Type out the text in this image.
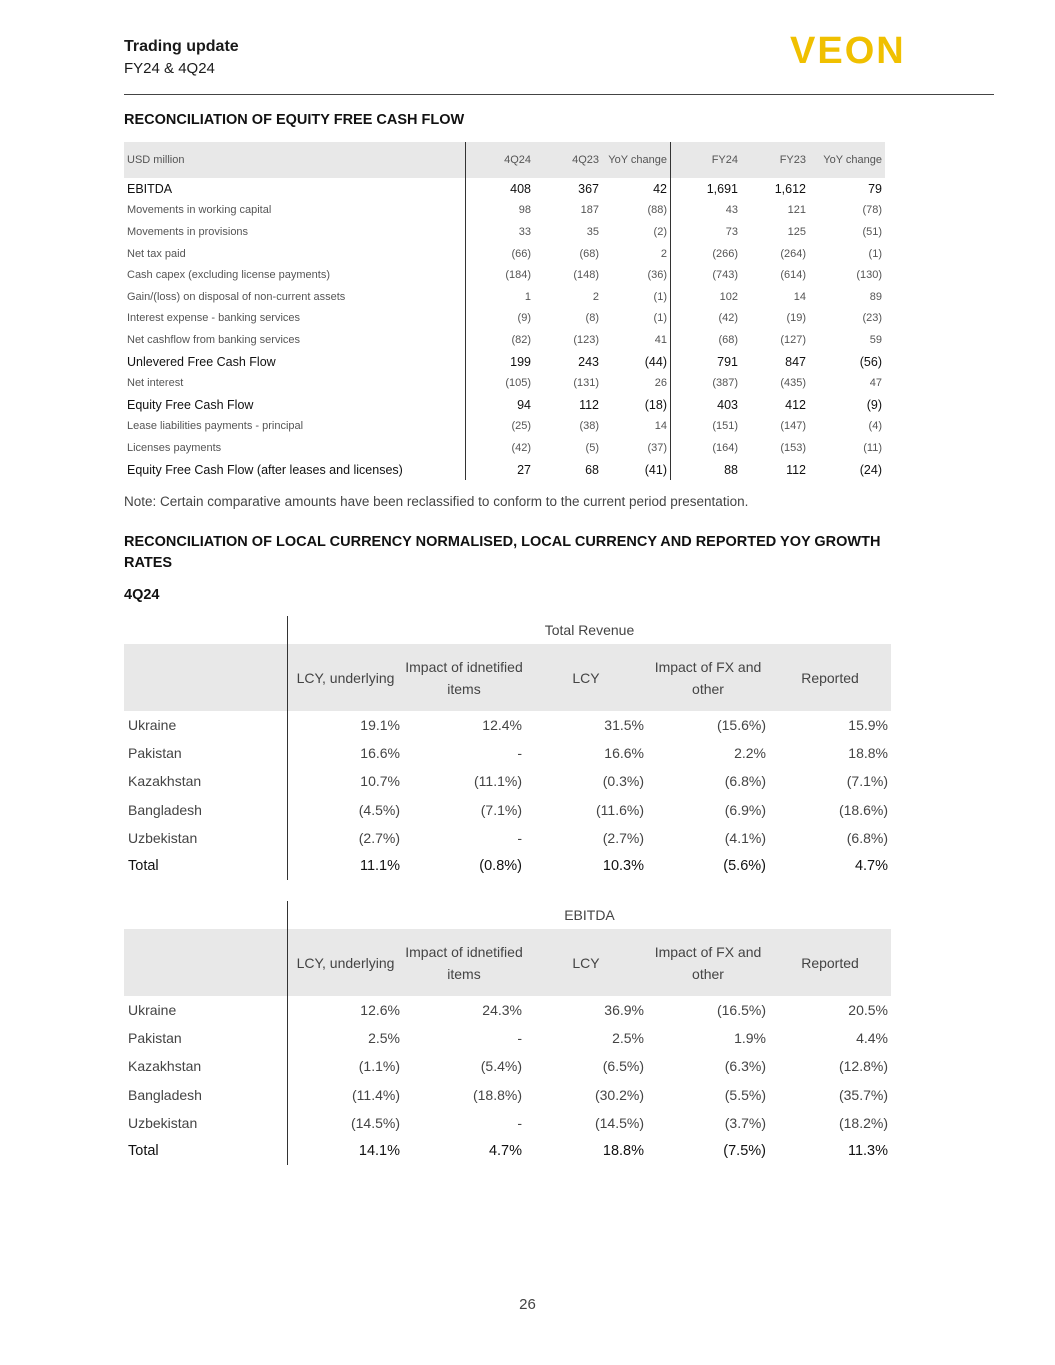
Trading update
FY24 & 4Q24	VEON
RECONCILIATION OF EQUITY FREE CASH FLOW
USD million	4Q24	4Q23	YoY change	FY24	FY23	YoY change
EBITDA	408	367	42	1,691	1,612	79
Movements in working capital	98	187	(88)	43	121	(78)
Movements in provisions	33	35	(2)	73	125	(51)
Net tax paid	(66)	(68)	2	(266)	(264)	(1)
Cash capex (excluding license payments)	(184)	(148)	(36)	(743)	(614)	(130)
Gain/(loss) on disposal of non-current assets	1	2	(1)	102	14	89
Interest expense - banking services	(9)	(8)	(1)	(42)	(19)	(23)
Net cashflow from banking services	(82)	(123)	41	(68)	(127)	59
Unlevered Free Cash Flow	199	243	(44)	791	847	(56)
Net interest	(105)	(131)	26	(387)	(435)	47
Equity Free Cash Flow	94	112	(18)	403	412	(9)
Lease liabilities payments - principal	(25)	(38)	14	(151)	(147)	(4)
Licenses payments	(42)	(5)	(37)	(164)	(153)	(11)
Equity Free Cash Flow (after leases and licenses)	27	68	(41)	88	112	(24)
Note: Certain comparative amounts have been reclassified to conform to the current period presentation.
RECONCILIATION OF LOCAL CURRENCY NORMALISED, LOCAL CURRENCY AND REPORTED YOY GROWTH
RATES
4Q24
	Total Revenue				
	LCY, underlying	Impact of idnetified items	LCY	Impact of FX and other	Reported
Ukraine	19.1%	12.4%	31.5%	(15.6%)	15.9%
Pakistan	16.6%	-	16.6%	2.2%	18.8%
Kazakhstan	10.7%	(11.1%)	(0.3%)	(6.8%)	(7.1%)
Bangladesh	(4.5%)	(7.1%)	(11.6%)	(6.9%)	(18.6%)
Uzbekistan	(2.7%)	-	(2.7%)	(4.1%)	(6.8%)
Total	11.1%	(0.8%)	10.3%	(5.6%)	4.7%
	EBITDA				
	LCY, underlying	Impact of idnetified items	LCY	Impact of FX and other	Reported
Ukraine	12.6%	24.3%	36.9%	(16.5%)	20.5%
Pakistan	2.5%	-	2.5%	1.9%	4.4%
Kazakhstan	(1.1%)	(5.4%)	(6.5%)	(6.3%)	(12.8%)
Bangladesh	(11.4%)	(18.8%)	(30.2%)	(5.5%)	(35.7%)
Uzbekistan	(14.5%)	-	(14.5%)	(3.7%)	(18.2%)
Total	14.1%	4.7%	18.8%	(7.5%)	11.3%
26
